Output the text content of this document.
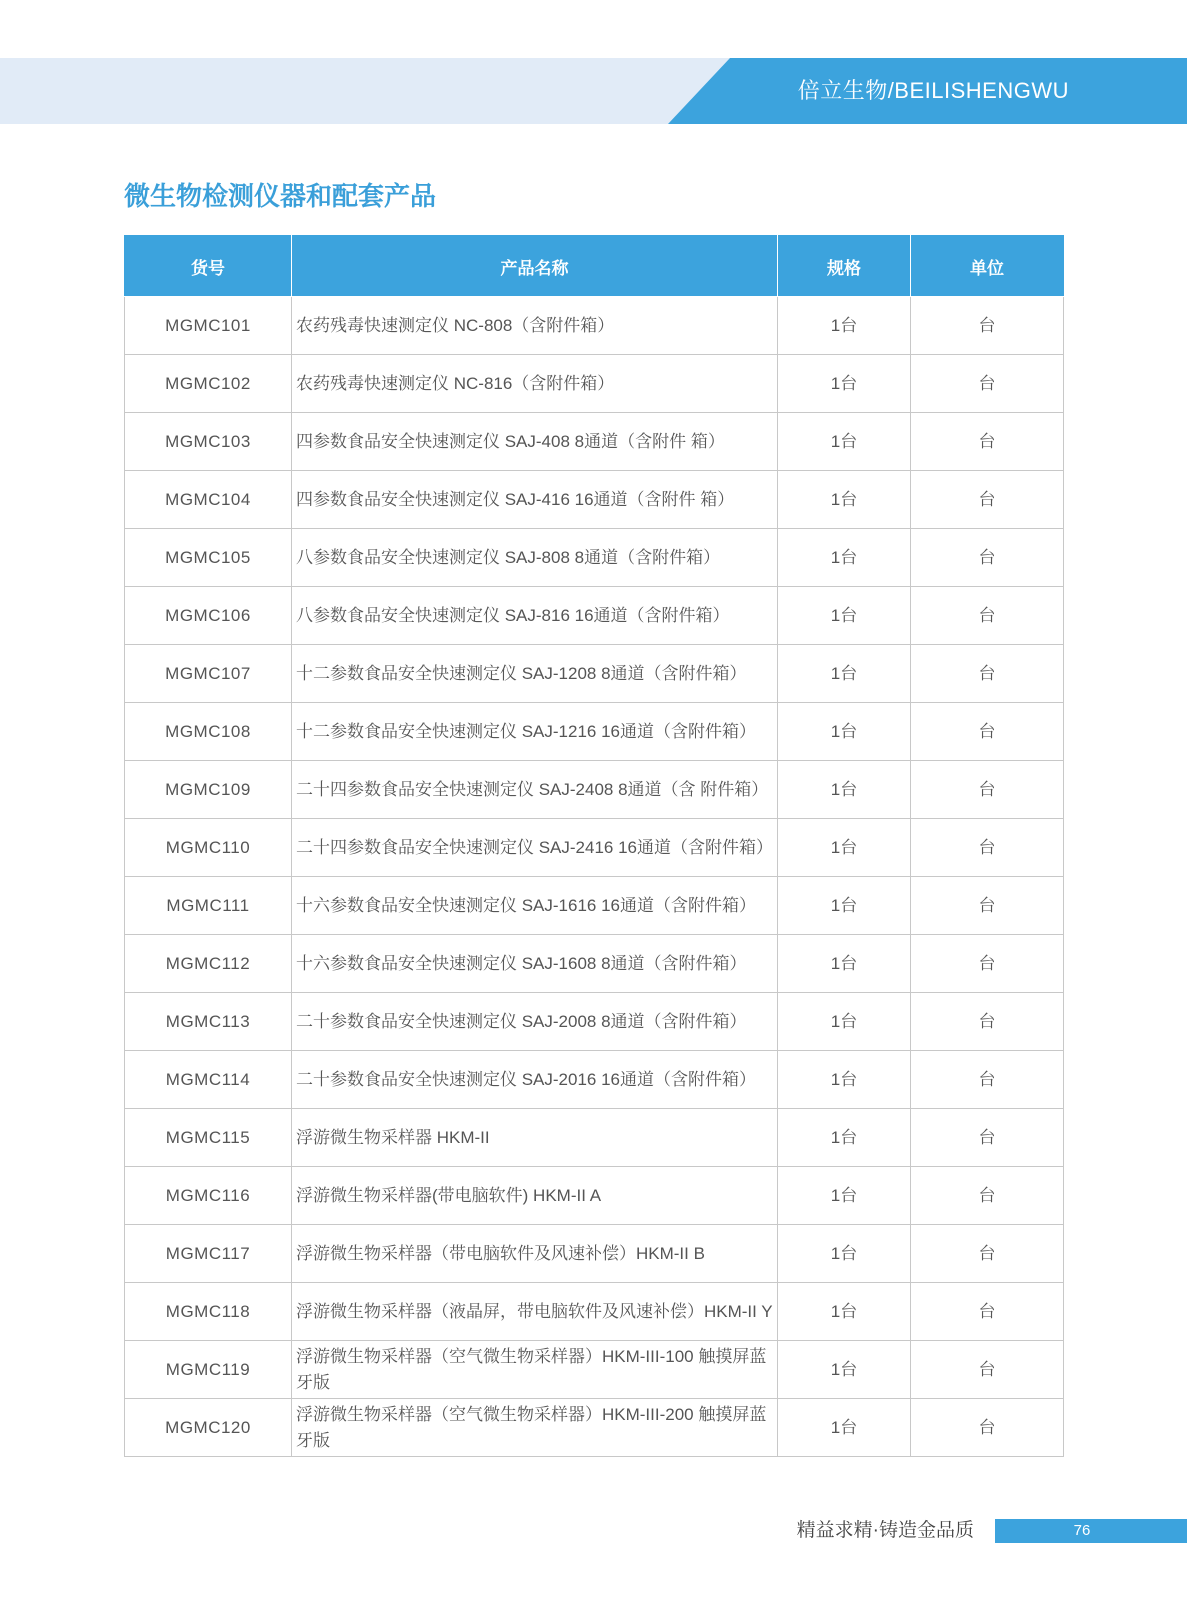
倍立生物/BEILISHENGWU
微生物检测仪器和配套产品
货号	产品名称	规格	单位
MGMC101	农药残毒快速测定仪 NC-808（含附件箱）	1台	台
MGMC102	农药残毒快速测定仪 NC-816（含附件箱）	1台	台
MGMC103	四参数食品安全快速测定仪 SAJ-408 8通道（含附件 箱）	1台	台
MGMC104	四参数食品安全快速测定仪 SAJ-416 16通道（含附件 箱）	1台	台
MGMC105	八参数食品安全快速测定仪 SAJ-808 8通道（含附件箱）	1台	台
MGMC106	八参数食品安全快速测定仪 SAJ-816 16通道（含附件箱）	1台	台
MGMC107	十二参数食品安全快速测定仪 SAJ-1208 8通道（含附件箱）	1台	台
MGMC108	十二参数食品安全快速测定仪 SAJ-1216 16通道（含附件箱）	1台	台
MGMC109	二十四参数食品安全快速测定仪 SAJ-2408 8通道（含 附件箱）	1台	台
MGMC110	二十四参数食品安全快速测定仪 SAJ-2416 16通道（含附件箱）	1台	台
MGMC111	十六参数食品安全快速测定仪 SAJ-1616 16通道（含附件箱）	1台	台
MGMC112	十六参数食品安全快速测定仪 SAJ-1608 8通道（含附件箱）	1台	台
MGMC113	二十参数食品安全快速测定仪 SAJ-2008 8通道（含附件箱）	1台	台
MGMC114	二十参数食品安全快速测定仪 SAJ-2016 16通道（含附件箱）	1台	台
MGMC115	浮游微生物采样器 HKM-II	1台	台
MGMC116	浮游微生物采样器(带电脑软件) HKM-II A	1台	台
MGMC117	浮游微生物采样器（带电脑软件及风速补偿）HKM-II B	1台	台
MGMC118	浮游微生物采样器（液晶屏，带电脑软件及风速补偿）HKM-II Y	1台	台
MGMC119	浮游微生物采样器（空气微生物采样器）HKM-III-100 触摸屏蓝牙版	1台	台
MGMC120	浮游微生物采样器（空气微生物采样器）HKM-III-200 触摸屏蓝牙版	1台	台
精益求精·铸造金品质	76
